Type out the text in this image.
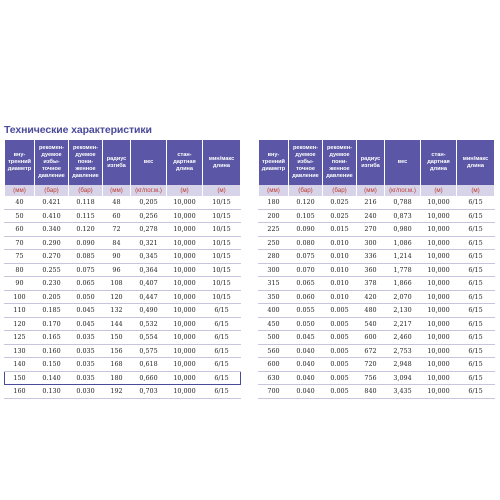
Технические характеристики
вну-
тренний
диаметр	рекомен-
дуемое
избы-
точное
давление	рекомен-
дуемое
пони-
женное
давление	радиус
изгиба	вес	стан-
дартная
длина	мин/макс
длина
(мм)	(бар)	(бар)	(мм)	(кг/пог.м.)	(м)	(м)
40	0.421	0.118	48	0,205	10,000	10/15
50	0.410	0.115	60	0,256	10,000	10/15
60	0.340	0.120	72	0,278	10,000	10/15
70	0.290	0.090	84	0,321	10,000	10/15
75	0.270	0.085	90	0,345	10,000	10/15
80	0.255	0.075	96	0,364	10,000	10/15
90	0.230	0.065	108	0,407	10,000	10/15
100	0.205	0.050	120	0,447	10,000	10/15
110	0.185	0.045	132	0,490	10,000	6/15
120	0.170	0.045	144	0,532	10,000	6/15
125	0.165	0.035	150	0,554	10,000	6/15
130	0.160	0.035	156	0,575	10,000	6/15
140	0.150	0.035	168	0,618	10,000	6/15
150	0.140	0.035	180	0,660	10,000	6/15
160	0.130	0.030	192	0,703	10,000	6/15
вну-
тренний
диаметр	рекомен-
дуемое
избы-
точное
давление	рекомен-
дуемое
пони-
женное
давление	радиус
изгиба	вес	стан-
дартная
длина	мин/макс
длина
(мм)	(бар)	(бар)	(мм)	(кг/пог.м.)	(м)	(м)
180	0.120	0.025	216	0,788	10,000	6/15
200	0.105	0.025	240	0,873	10,000	6/15
225	0.090	0.015	270	0,980	10,000	6/15
250	0.080	0.010	300	1,086	10,000	6/15
280	0.075	0.010	336	1,214	10,000	6/15
300	0.070	0.010	360	1,778	10,000	6/15
315	0.065	0.010	378	1,866	10,000	6/15
350	0.060	0.010	420	2,070	10,000	6/15
400	0.055	0.005	480	2,130	10,000	6/15
450	0.050	0.005	540	2,217	10,000	6/15
500	0.045	0.005	600	2,460	10,000	6/15
560	0.040	0.005	672	2,753	10,000	6/15
600	0.040	0.005	720	2,948	10,000	6/15
630	0.040	0.005	756	3,094	10,000	6/15
700	0.040	0.005	840	3,435	10,000	6/15
